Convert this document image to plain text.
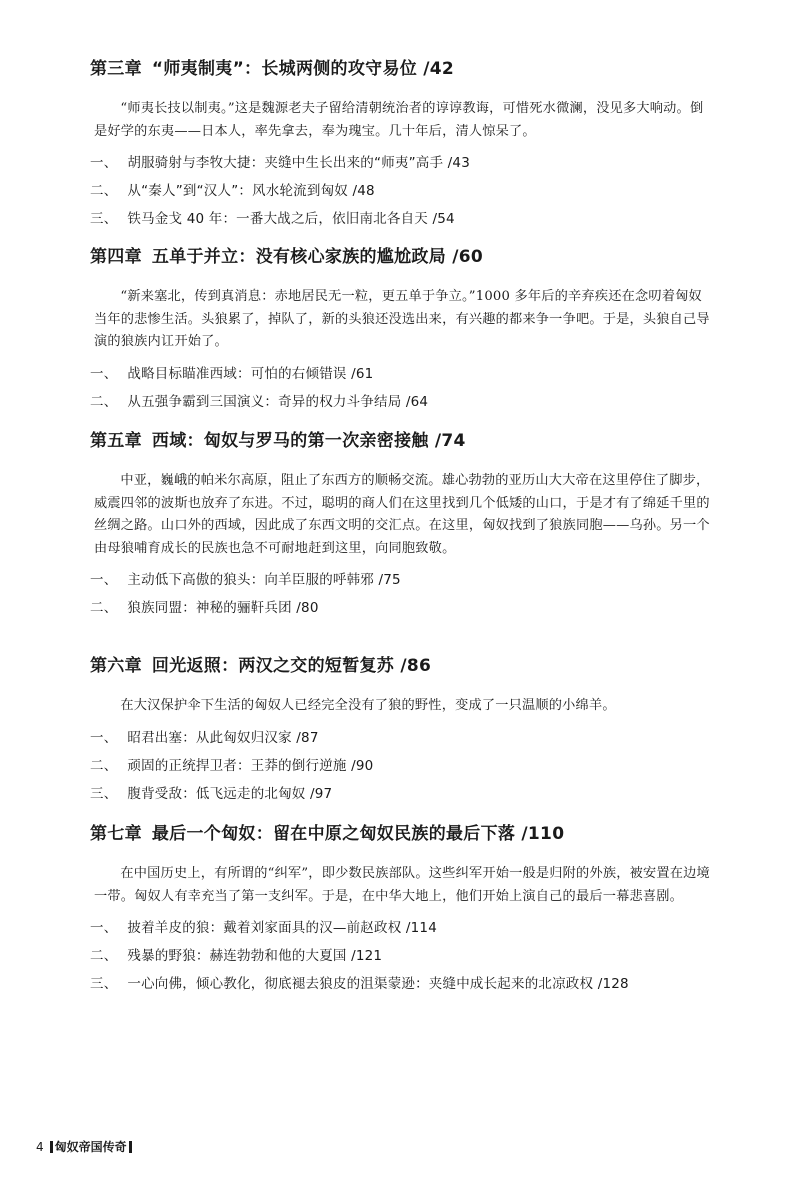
第三章 “师夷制夷”：长城两侧的攻守易位 /42
“师夷长技以制夷。”这是魏源老夫子留给清朝统治者的谆谆教诲，可惜死水微澜，没见多大响动。倒是好学的东夷——日本人，率先拿去，奉为瑰宝。几十年后，清人惊呆了。
一、 胡服骑射与李牧大捷：夹缝中生长出来的“师夷”高手 /43
二、 从“秦人”到“汉人”：风水轮流到匈奴 /48
三、 铁马金戈 40 年：一番大战之后，依旧南北各自天 /54
第四章 五单于并立：没有核心家族的尴尬政局 /60
“新来塞北，传到真消息：赤地居民无一粒，更五单于争立。”1000 多年后的辛弃疾还在念叨着匈奴当年的悲惨生活。头狼累了，掉队了，新的头狼还没选出来，有兴趣的都来争一争吧。于是，头狼自己导演的狼族内讧开始了。
一、 战略目标瞄准西域：可怕的右倾错误 /61
二、 从五强争霸到三国演义：奇异的权力斗争结局 /64
第五章 西域：匈奴与罗马的第一次亲密接触 /74
中亚，巍峨的帕米尔高原，阻止了东西方的顺畅交流。雄心勃勃的亚历山大大帝在这里停住了脚步，威震四邻的波斯也放弃了东进。不过，聪明的商人们在这里找到几个低矮的山口，于是才有了绵延千里的丝绸之路。山口外的西域，因此成了东西文明的交汇点。在这里，匈奴找到了狼族同胞——乌孙。另一个由母狼哺育成长的民族也急不可耐地赶到这里，向同胞致敬。
一、 主动低下高傲的狼头：向羊臣服的呼韩邪 /75
二、 狼族同盟：神秘的骊靬兵团 /80
第六章 回光返照：两汉之交的短暂复苏 /86
在大汉保护伞下生活的匈奴人已经完全没有了狼的野性，变成了一只温顺的小绵羊。
一、 昭君出塞：从此匈奴归汉家 /87
二、 顽固的正统捍卫者：王莽的倒行逆施 /90
三、 腹背受敌：低飞远走的北匈奴 /97
第七章 最后一个匈奴：留在中原之匈奴民族的最后下落 /110
在中国历史上，有所谓的“纠军”，即少数民族部队。这些纠军开始一般是归附的外族，被安置在边境一带。匈奴人有幸充当了第一支纠军。于是，在中华大地上，他们开始上演自己的最后一幕悲喜剧。
一、 披着羊皮的狼：戴着刘家面具的汉—前赵政权 /114
二、 残暴的野狼：赫连勃勃和他的大夏国 /121
三、 一心向佛，倾心教化，彻底褪去狼皮的沮渠蒙逊：夹缝中成长起来的北凉政权 /128
4 匈奴帝国传奇
